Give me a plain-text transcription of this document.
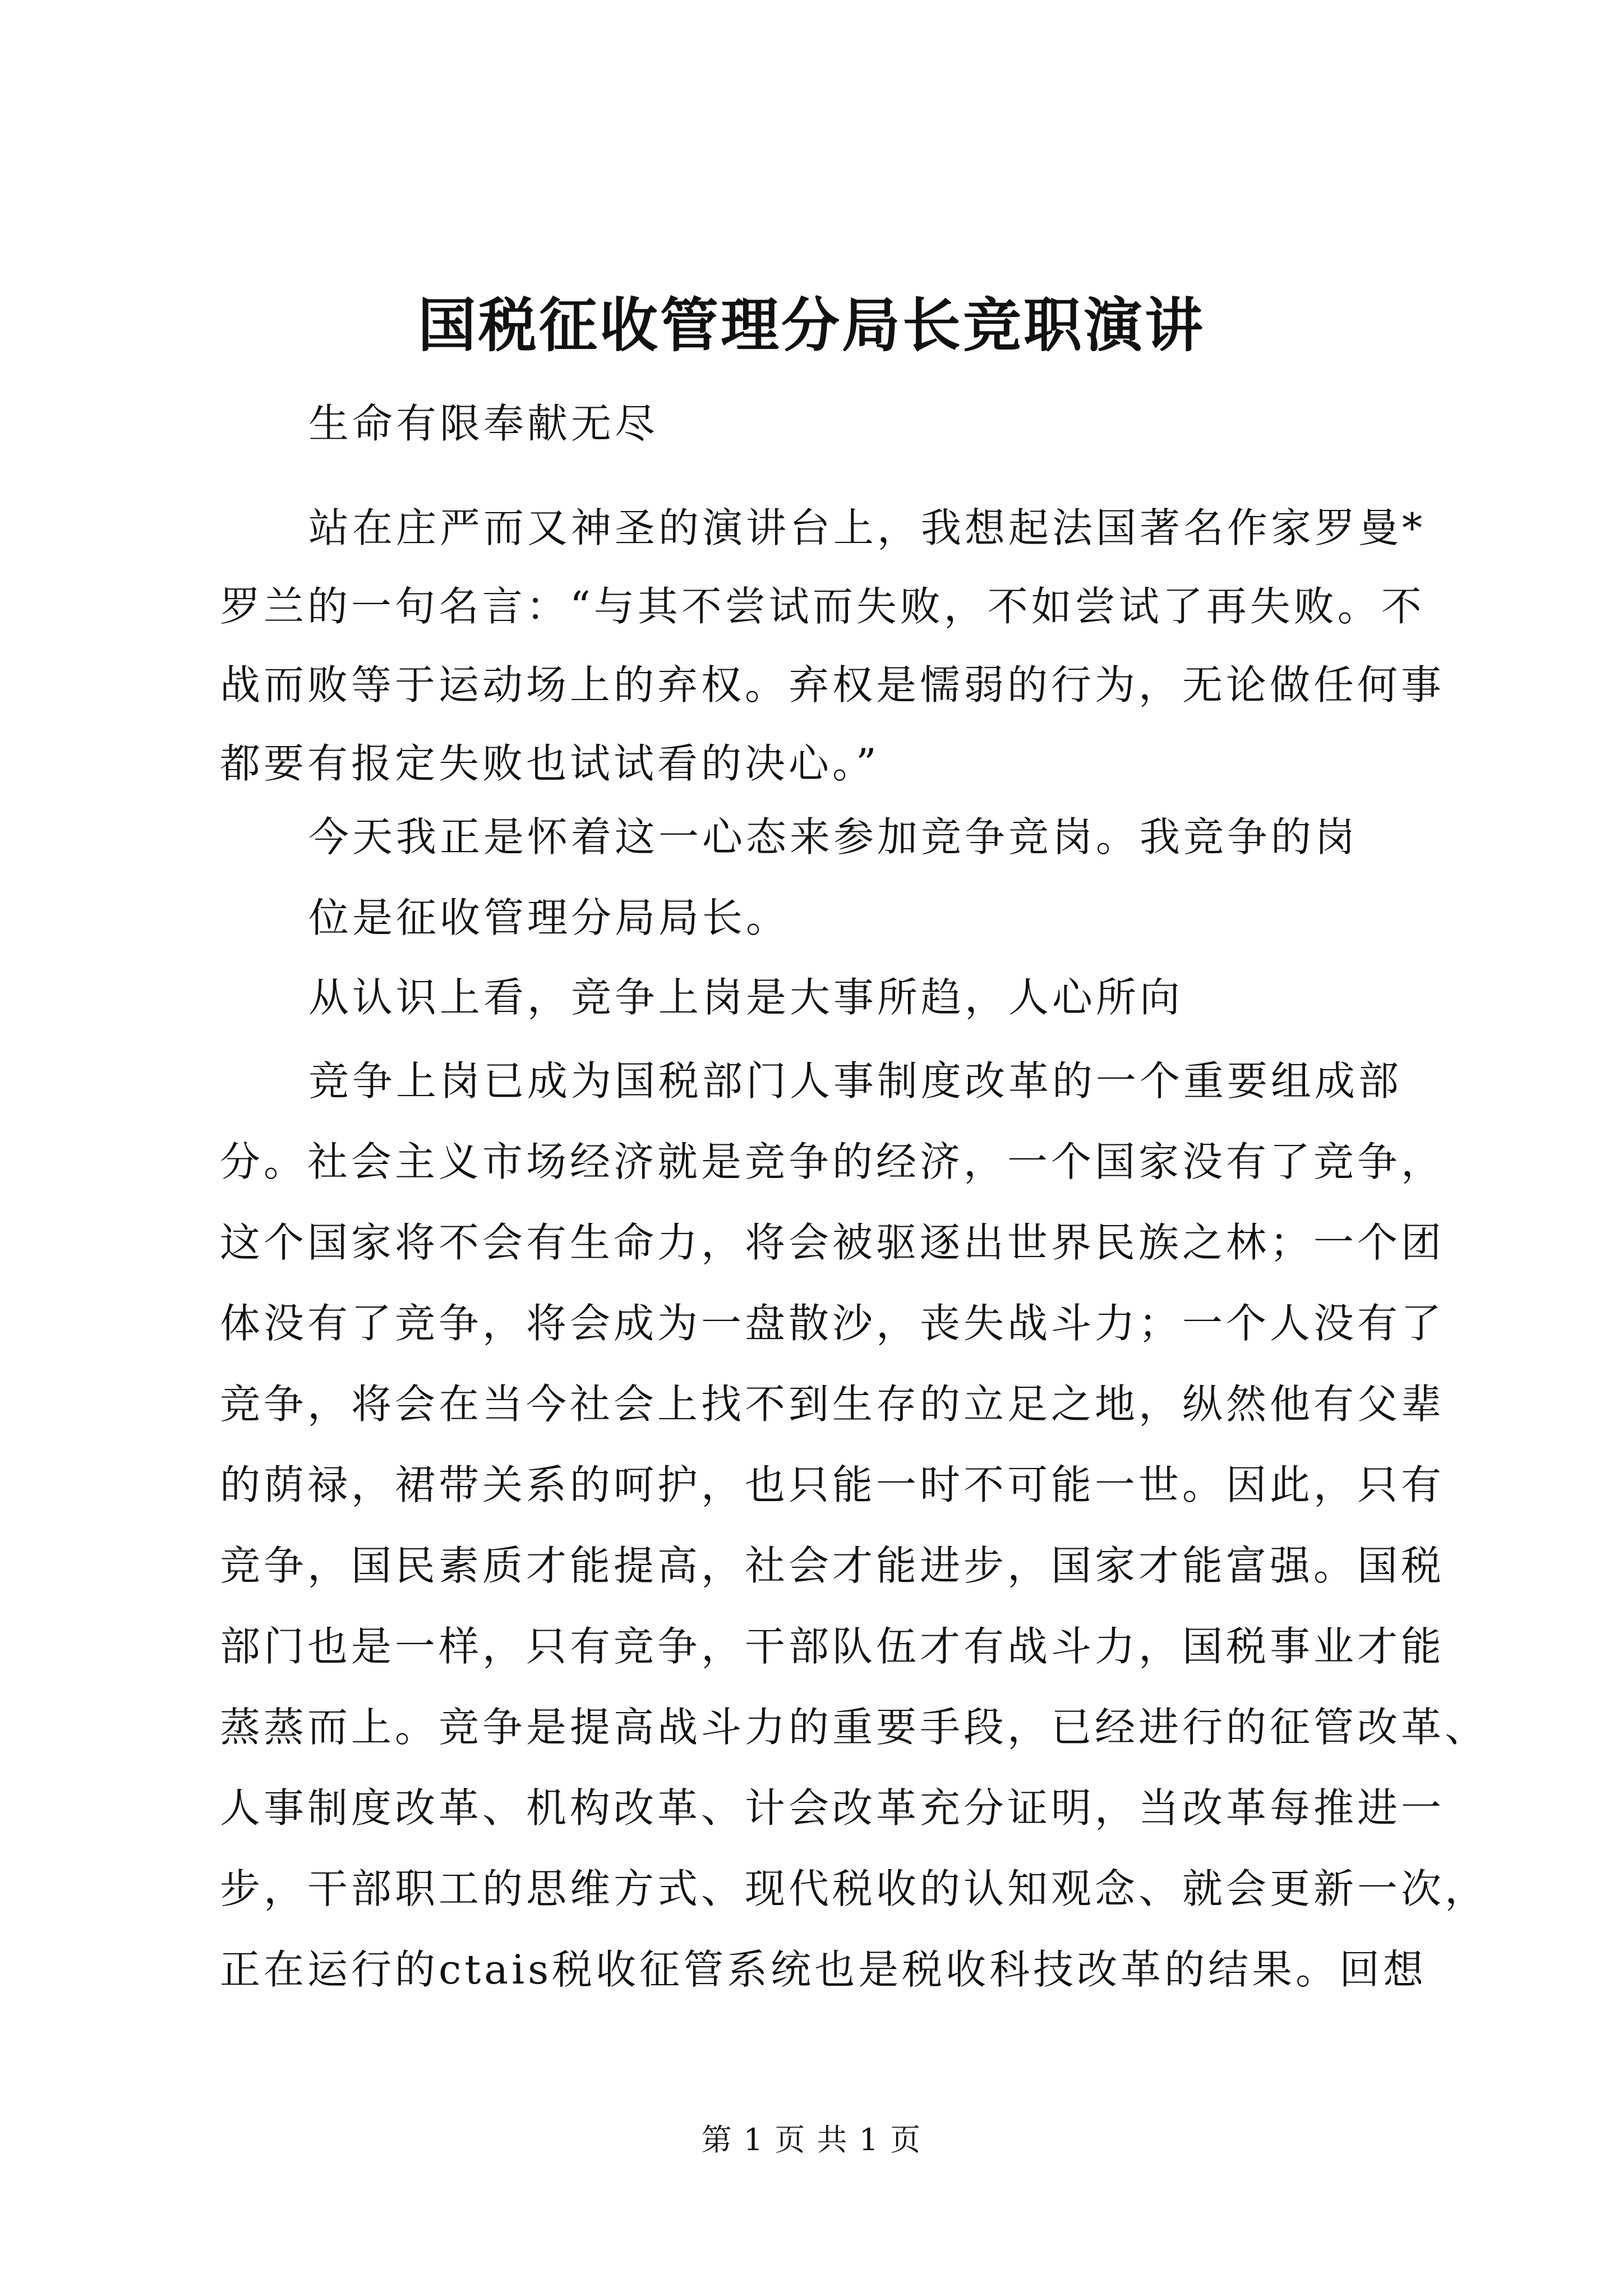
国税征收管理分局长竞职演讲
生命有限奉献无尽
站在庄严而又神圣的演讲台上，我想起法国著名作家罗曼*
罗兰的一句名言：“与其不尝试而失败，不如尝试了再失败。不
战而败等于运动场上的弃权。弃权是懦弱的行为，无论做任何事
都要有报定失败也试试看的决心。”
今天我正是怀着这一心态来参加竞争竞岗。我竞争的岗
位是征收管理分局局长。
从认识上看，竞争上岗是大事所趋，人心所向
竞争上岗已成为国税部门人事制度改革的一个重要组成部
分。社会主义市场经济就是竞争的经济，一个国家没有了竞争，
这个国家将不会有生命力，将会被驱逐出世界民族之林；一个团
体没有了竞争，将会成为一盘散沙，丧失战斗力；一个人没有了
竞争，将会在当今社会上找不到生存的立足之地，纵然他有父辈
的荫禄，裙带关系的呵护，也只能一时不可能一世。因此，只有
竞争，国民素质才能提高，社会才能进步，国家才能富强。国税
部门也是一样，只有竞争，干部队伍才有战斗力，国税事业才能
蒸蒸而上。竞争是提高战斗力的重要手段，已经进行的征管改革、
人事制度改革、机构改革、计会改革充分证明，当改革每推进一
步，干部职工的思维方式、现代税收的认知观念、就会更新一次，
正在运行的ctais税收征管系统也是税收科技改革的结果。回想
第 1 页 共 1 页
